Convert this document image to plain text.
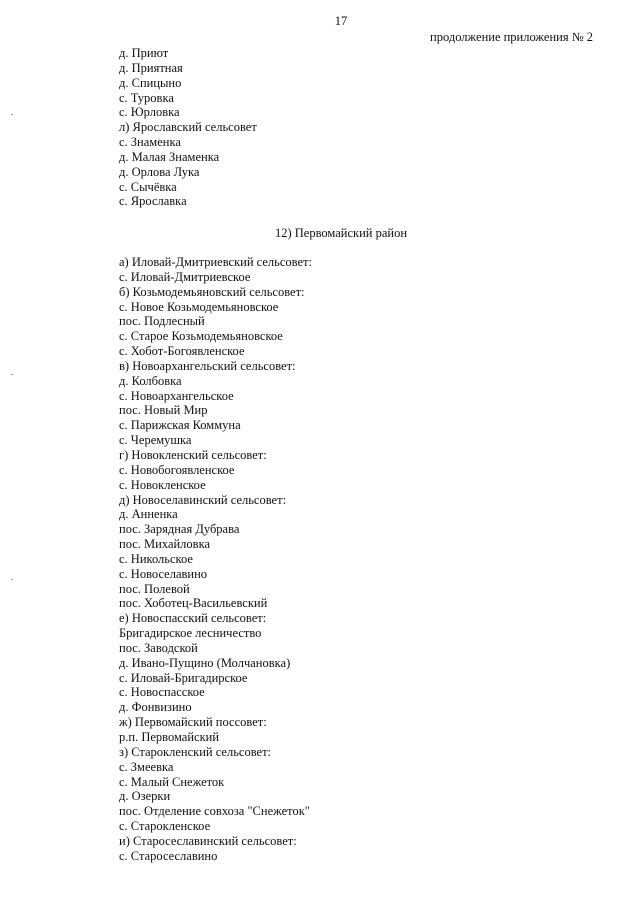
17
продолжение приложения № 2
д. Приют
д. Приятная
д. Спицыно
с. Туровка
с. Юрловка
л) Ярославский сельсовет
с. Знаменка
д. Малая Знаменка
д. Орлова Лука
с. Сычёвка
с. Ярославка
12) Первомайский район
а) Иловай-Дмитриевский сельсовет:
с. Иловай-Дмитриевское
б) Козьмодемьяновский сельсовет:
с. Новое Козьмодемьяновское
пос. Подлесный
с. Старое Козьмодемьяновское
с. Хобот-Богоявленское
в) Новоархангельский сельсовет:
д. Колбовка
с. Новоархангельское
пос. Новый Мир
с. Парижская Коммуна
с. Черемушка
г) Новокленский сельсовет:
с. Новобогоявленское
с. Новокленское
д) Новоселавинский сельсовет:
д. Анненка
пос. Зарядная Дубрава
пос. Михайловка
с. Никольское
с. Новоселавино
пос. Полевой
пос. Хоботец-Васильевский
е) Новоспасский сельсовет:
Бригадирское лесничество
пос. Заводской
д. Ивано-Пущино (Молчановка)
с. Иловай-Бригадирское
с. Новоспасское
д. Фонвизино
ж) Первомайский поссовет:
р.п. Первомайский
з) Старокленский сельсовет:
с. Змеевка
с. Малый Снежеток
д. Озерки
пос. Отделение совхоза "Снежеток"
с. Старокленское
и) Старосеславинский сельсовет:
с. Старосеславино
